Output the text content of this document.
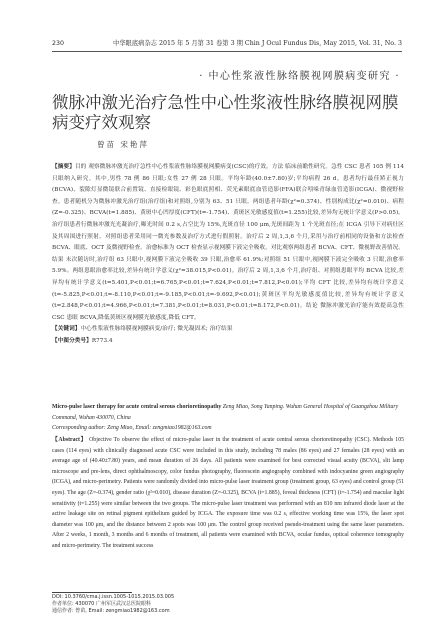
230	中华眼底病杂志 2015 年 5 月第 31 卷第 3 期 Chin J Ocul Fundus Dis, May 2015, Vol. 31, No. 3
· 中心性浆液性脉络膜视网膜病变研究 ·
微脉冲激光治疗急性中心性浆液性脉络膜视网膜病变疗效观察
曾苗 宋艳萍

【摘要】目的 观察微脉冲激光治疗急性中心性浆液性脉络膜视网膜病变(CSC)的疗效。方法 临床前瞻性研究。急性 CSC 患者 105 例 114 只眼纳入研究。其中,男性 78 例 86 只眼;女性 27 例 28 只眼。平均年龄(40.0±7.80)岁;平均病程 26 d。患者均行最佳矫正视力(BCVA)、裂隙灯显微镜联合前置镜、直接检眼镜、彩色眼底照相、荧光素眼底血管造影(FFA)联合吲哚青绿血管造影(ICGA)、微视野检查。患者随机分为微脉冲激光治疗组(治疗组)和对照组,分别为 63、51 只眼。两组患者年龄(χ²=0.374)、性别构成比(χ²=0.010)、病程(Z=-0.325)、BCVA(t=1.885)、黄斑中心凹厚度(CFT)(t=-1.754)、黄斑区光敏感度值(t=1.255)比较,差异均无统计学意义(P>0.05)。治疗组患者行微脉冲激光光凝治疗,曝光时间 0.2 s,占空比为 15%,光斑直径 100 μm,光斑间距为 1 个光斑直径;在 ICGA 引导下对病灶区及其周围进行照射。对照组患者采用同一微光参数及治疗方式进行假照射。治疗后 2 周,1,3,6 个月,采用与治疗前相同的设备和方法检查 BCVA、眼底、OCT 及微视野检查。治愈标准为 OCT 检查显示视网膜下液完全吸收。对比观察两组患者 BCVA、CFT、微视野改善情况。结果 末次随访时,治疗组 63 只眼中,视网膜下液完全吸收 39 只眼,治愈率 61.9%;对照组 51 只眼中,视网膜下液完全吸收 3 只眼,治愈率 5.9%。两组患眼治愈率比较,差异有统计学意义(χ²=38.015,P<0.01)。治疗后 2 周,1,3,6 个月,治疗组、对照组患眼平均 BCVA 比较,差异均有统计学意义(t=5.401,P<0.01;t=6.765,P<0.01;t=7.624,P<0.01;t=7.812,P<0.01);平均 CFT 比较,差异均有统计学意义(t=-5.825,P<0.01;t=-8.110,P<0.01;t=-9.185,P<0.01;t=-9.692,P<0.01);黄斑区平均光敏感度值比较,差异均有统计学意义(t=2.848,P<0.01;t=4.966,P<0.01;t=7.381,P<0.01;t=8.031,P<0.01;t=8.172,P<0.01)。结论 微脉冲激光治疗能有效提高急性 CSC 患眼 BCVA,降低黄斑区视网膜光敏感度,降低 CFT。

【关键词】中心性浆液性脉络膜视网膜病变/治疗; 微光凝固术; 治疗结果

【中图分类号】R773.4

Micro-pulse laser therapy for acute central serous chorioretinopathy Zeng Miao, Song Yanping. Wuhan General Hospital of Guangzhou Military Command, Wuhan 430070, China
Corresponding author: Zeng Miao, Email: zengmiao1982@163.com

【Abstract】 Objective To observe the effect of micro-pulse laser in the treatment of acute central serous chorioretinopathy (CSC). Methods 105 cases (114 eyes) with clinically diagnosed acute CSC were included in this study, including 78 males (86 eyes) and 27 females (28 eyes) with an average age of (40.40±7.80) years, and mean duration of 26 days. All patients were examined for best corrected visual acuity (BCVA), slit lamp microscope and pre-lens, direct ophthalmoscopy, color fundus photography, fluorescein angiography combined with indocyanine green angiography (ICGA), and micro-perimetry. Patients were randomly divided into micro-pulse laser treatment group (treatment group, 63 eyes) and control group (51 eyes). The age (Z=-0.374), gender ratio (χ²=0.010), disease duration (Z=-0.325), BCVA (t=1.885), foveal thickness (CFT) (t=-1.754) and macular light sensitivity (t=1.255) were similar between the two groups. The micro-pulse laser treatment was performed with an 810 nm infrared diode laser at the active leakage site on retinal pigment epithelium guided by ICGA. The exposure time was 0.2 s, effective working time was 15%, the laser spot diameter was 100 μm, and the distance between 2 spots was 100 μm. The control group received pseudo-treatment using the same laser parameters. After 2 weeks, 1 month, 3 months and 6 months of treatment, all patients were examined with BCVA, ocular fundus, optical coherence tomography and micro-perimetry. The treatment success

DOI: 10.3760/cma.j.issn.1005-1015.2015.03.005
作者单位: 430070 广州军区武汉总医院眼科
通信作者: 曾苗, Email: zengmiao1982@163.com
